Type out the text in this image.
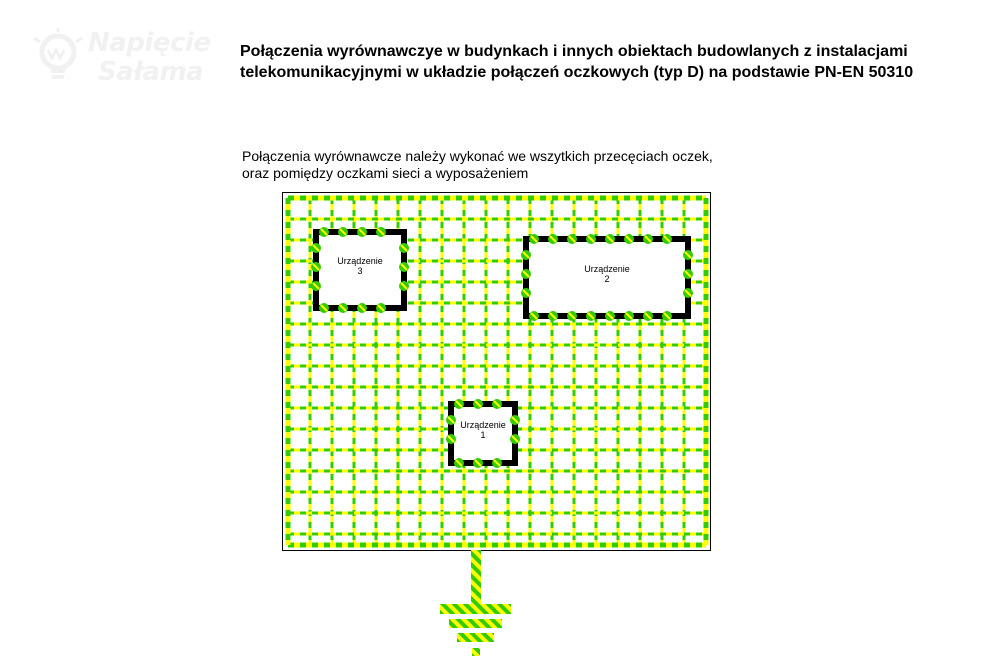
Napięcie
Sałama
Połączenia wyrównawczye w budynkach i innych obiektach budowlanych z instalacjami
telekomunikacyjnymi w układzie połączeń oczkowych (typ D) na podstawie PN-EN 50310
Połączenia wyrównawcze należy wykonać we wszytkich przecęciach oczek,
oraz pomiędzy oczkami sieci a wyposażeniem
Urządzenie
3	Urządzenie
2
Urządzenie
1
